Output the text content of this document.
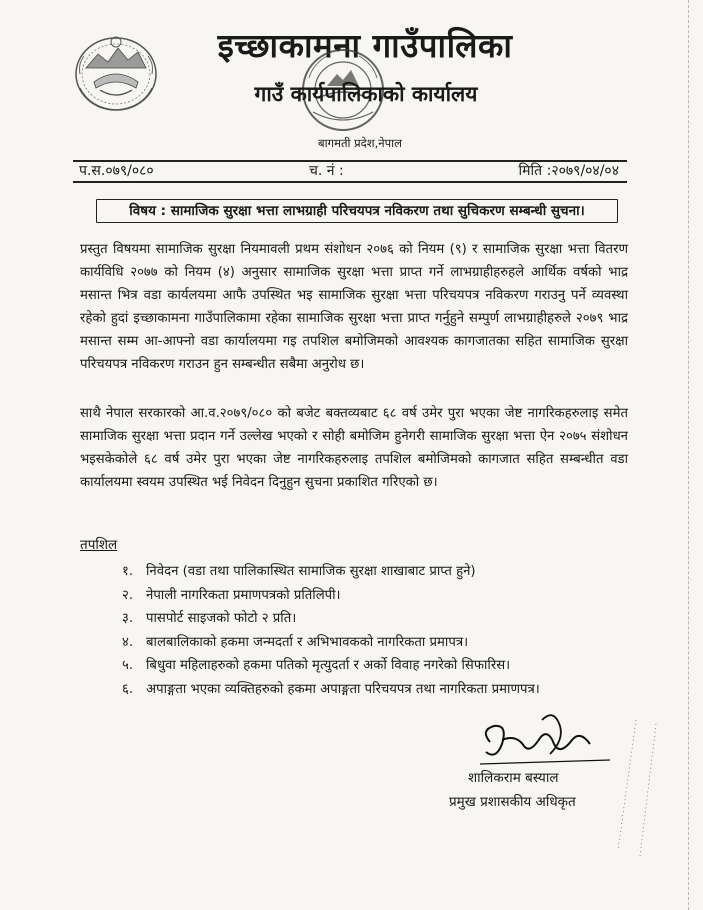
इच्छाकामना गाउँपालिका
गाउँ कार्यपालिकाको कार्यालय
बागमती प्रदेश,नेपाल
प.स.०७९/०८०	च. नं :	मिति :२०७९/०४/०४
विषय : सामाजिक सुरक्षा भत्ता लाभग्राही परिचयपत्र नविकरण तथा सुचिकरण सम्बन्धी सुचना।
प्रस्तुत विषयमा सामाजिक सुरक्षा नियमावली प्रथम संशोधन २०७६ को नियम (९) र सामाजिक सुरक्षा भत्ता वितरण कार्यविधि २०७७ को नियम (४) अनुसार सामाजिक सुरक्षा भत्ता प्राप्त गर्ने लाभग्राहीहरुहले आर्थिक वर्षको भाद्र मसान्त भित्र वडा कार्यलयमा आफै उपस्थित भइ सामाजिक सुरक्षा भत्ता परिचयपत्र नविकरण गराउनु पर्ने व्यवस्था रहेको हुदां इच्छाकामना गाउँपालिकामा रहेका सामाजिक सुरक्षा भत्ता प्राप्त गर्नुहुने सम्पुर्ण लाभग्राहीहरुले २०७९ भाद्र मसान्त सम्म आ-आफ्नो वडा कार्यालयमा गइ तपशिल बमोजिमको आवश्यक कागजातका सहित सामाजिक सुरक्षा परिचयपत्र नविकरण गराउन हुन सम्बन्धीत सबैमा अनुरोध छ।
साथै नेपाल सरकारको आ.व.२०७९/०८० को बजेट बक्तव्यबाट ६८ वर्ष उमेर पुरा भएका जेष्ट नागरिकहरुलाइ समेत सामाजिक सुरक्षा भत्ता प्रदान गर्ने उल्लेख भएको र सोही बमोजिम हुनेगरी सामाजिक सुरक्षा भत्ता ऐन २०७५ संशोधन भइसकेकोले ६८ वर्ष उमेर पुरा भएका जेष्ट नागरिकहरुलाइ तपशिल बमोजिमको कागजात सहित सम्बन्धीत वडा कार्यालयमा स्वयम उपस्थित भई निवेदन दिनुहुन सुचना प्रकाशित गरिएको छ।
तपशिल
१. निवेदन (वडा तथा पालिकास्थित सामाजिक सुरक्षा शाखाबाट प्राप्त हुने)
२. नेपाली नागरिकता प्रमाणपत्रको प्रतिलिपी।
३. पासपोर्ट साइजको फोटो २ प्रति।
४. बालबालिकाको हकमा जन्मदर्ता र अभिभावकको नागरिकता प्रमापत्र।
५. बिधुवा महिलाहरुको हकमा पतिको मृत्युदर्ता र अर्को विवाह नगरेको सिफारिस।
६. अपाङ्गता भएका व्यक्तिहरुको हकमा अपाङ्गता परिचयपत्र तथा नागरिकता प्रमाणपत्र।
शालिकराम बस्याल
प्रमुख प्रशासकीय अधिकृत
